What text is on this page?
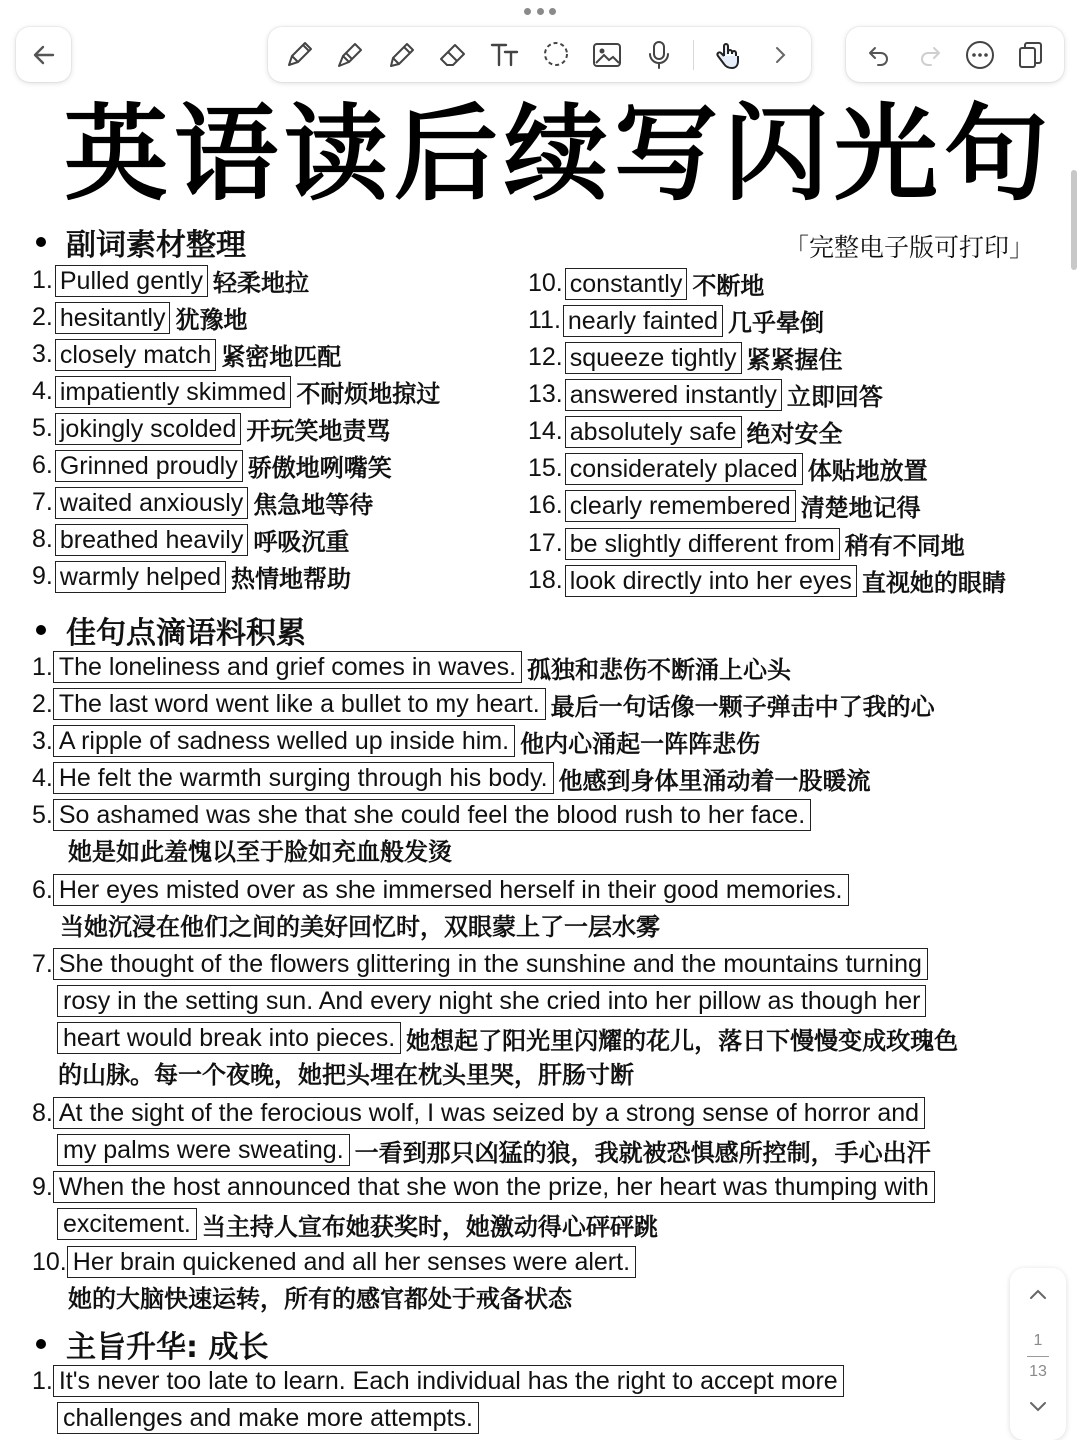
英语读后续写闪光句
「完整电子版可打印」
副词素材整理
1. Pulled gently 轻柔地拉
2. hesitantly 犹豫地
3. closely match 紧密地匹配
4. impatiently skimmed 不耐烦地掠过
5. jokingly scolded 开玩笑地责骂
6. Grinned proudly 骄傲地咧嘴笑
7. waited anxiously 焦急地等待
8. breathed heavily 呼吸沉重
9. warmly helped 热情地帮助
10. constantly 不断地
11. nearly fainted 几乎晕倒
12. squeeze tightly 紧紧握住
13. answered instantly 立即回答
14. absolutely safe 绝对安全
15. considerately placed 体贴地放置
16. clearly remembered 清楚地记得
17. be slightly different from 稍有不同地
18. look directly into her eyes 直视她的眼睛
佳句点滴语料积累
1. The loneliness and grief comes in waves. 孤独和悲伤不断涌上心头
2. The last word went like a bullet to my heart. 最后一句话像一颗子弹击中了我的心
3. A ripple of sadness welled up inside him. 他内心涌起一阵阵悲伤
4. He felt the warmth surging through his body. 他感到身体里涌动着一股暖流
5. So ashamed was she that she could feel the blood rush to her face.
她是如此羞愧以至于脸如充血般发烫
6. Her eyes misted over as she immersed herself in their good memories.
当她沉浸在他们之间的美好回忆时，双眼蒙上了一层水雾
7. She thought of the flowers glittering in the sunshine and the mountains turning
rosy in the setting sun. And every night she cried into her pillow as though her
heart would break into pieces. 她想起了阳光里闪耀的花儿，落日下慢慢变成玫瑰色
的山脉。每一个夜晚，她把头埋在枕头里哭，肝肠寸断
8. At the sight of the ferocious wolf, I was seized by a strong sense of horror and
my palms were sweating. 一看到那只凶猛的狼，我就被恐惧感所控制，手心出汗
9. When the host announced that she won the prize, her heart was thumping with
excitement. 当主持人宣布她获奖时，她激动得心砰砰跳
10. Her brain quickened and all her senses were alert.
她的大脑快速运转，所有的感官都处于戒备状态
主旨升华: 成长
1. It's never too late to learn. Each individual has the right to accept more
challenges and make more attempts.
1
13
